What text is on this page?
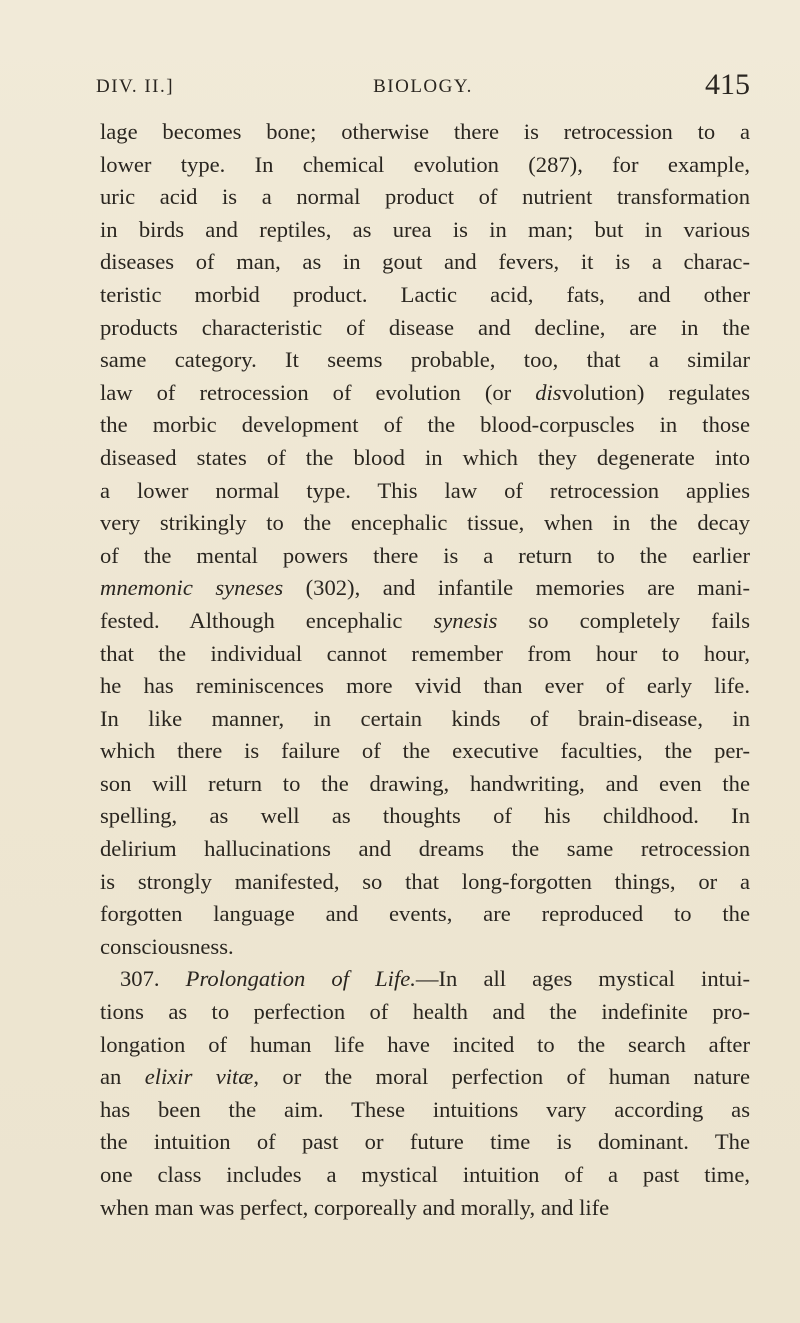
DIV. II.]	BIOLOGY.	415

lage becomes bone; otherwise there is retrocession to a

lower type. In chemical evolution (287), for example,

uric acid is a normal product of nutrient transformation

in birds and reptiles, as urea is in man; but in various

diseases of man, as in gout and fevers, it is a charac-

teristic morbid product. Lactic acid, fats, and other

products characteristic of disease and decline, are in the

same category. It seems probable, too, that a similar

law of retrocession of evolution (or disvolution) regulates

the morbic development of the blood-corpuscles in those

diseased states of the blood in which they degenerate into

a lower normal type. This law of retrocession applies

very strikingly to the encephalic tissue, when in the decay

of the mental powers there is a return to the earlier

mnemonic syneses (302), and infantile memories are mani-

fested. Although encephalic synesis so completely fails

that the individual cannot remember from hour to hour,

he has reminiscences more vivid than ever of early life.

In like manner, in certain kinds of brain-disease, in

which there is failure of the executive faculties, the per-

son will return to the drawing, handwriting, and even the

spelling, as well as thoughts of his childhood. In

delirium hallucinations and dreams the same retrocession

is strongly manifested, so that long-forgotten things, or a

forgotten language and events, are reproduced to the

consciousness.

307. Prolongation of Life.—In all ages mystical intui-

tions as to perfection of health and the indefinite pro-

longation of human life have incited to the search after

an elixir vitæ, or the moral perfection of human nature

has been the aim. These intuitions vary according as

the intuition of past or future time is dominant. The

one class includes a mystical intuition of a past time,

when man was perfect, corporeally and morally, and life
